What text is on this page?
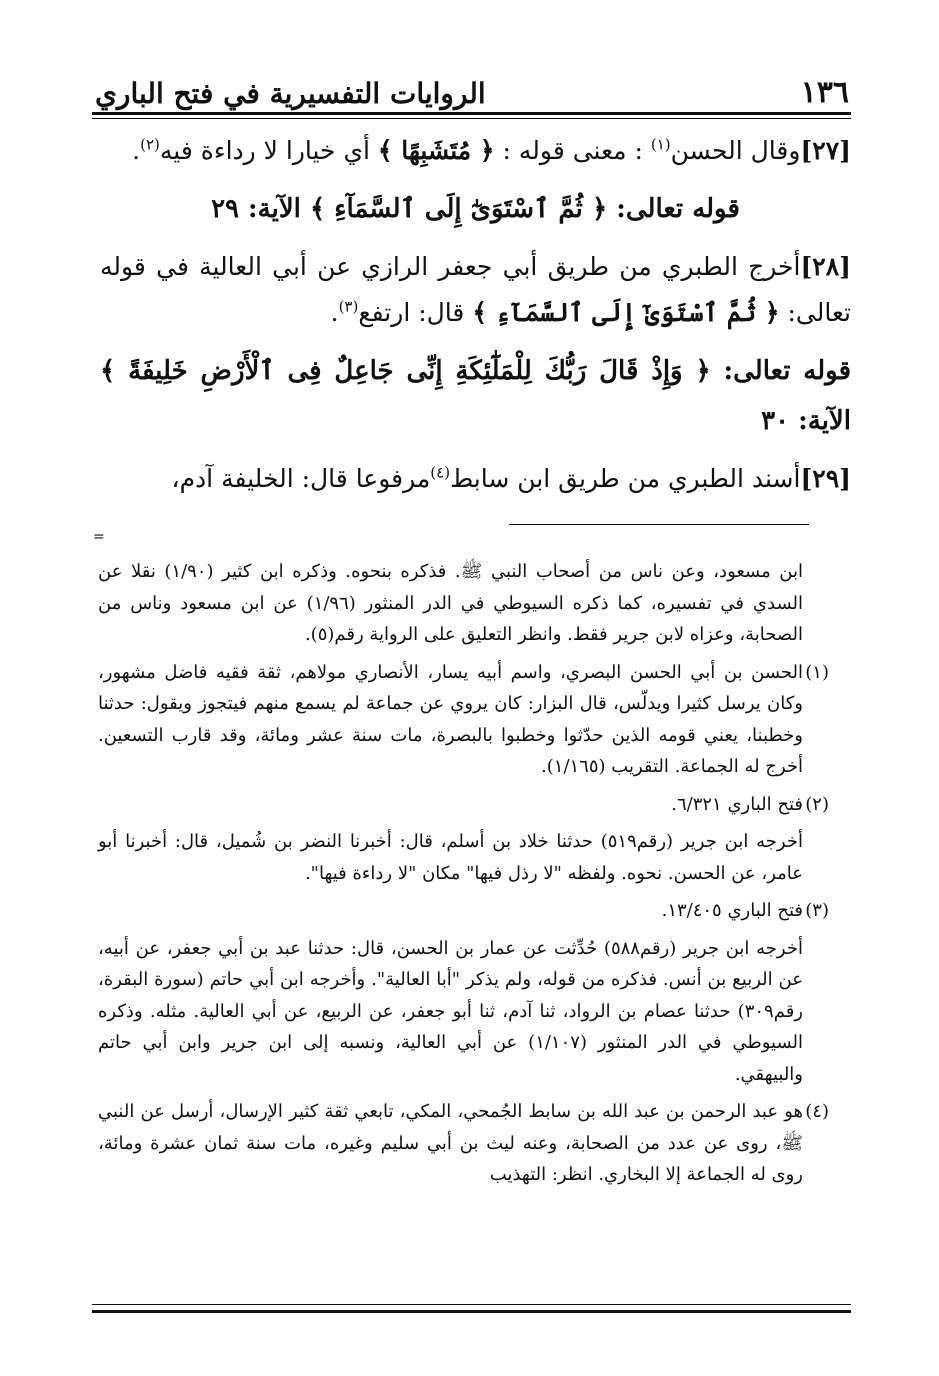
١٣٦
الروايات التفسيرية في فتح الباري

[٢٧]وقال الحسن$^{(١)}$ : معنى قوله : ﴿ مُتَشَبِهًا ﴾ أي خيارا لا رداءة فيه$^{(٢)}$.

قوله تعالى: ﴿ ثُمَّ ٱسْتَوَىٰٓ إِلَى ٱلسَّمَآءِ ﴾ الآية: ٢٩

[٢٨]أخرج الطبري من طريق أبي جعفر الرازي عن أبي العالية في قوله تعالى: ﴿ ثُمَّ ٱسْتَوَىٰٓ إِلَى ٱلسَّمَآءِ ﴾ قال: ارتفع$^{(٣)}$.

قوله تعالى: ﴿ وَإِذْ قَالَ رَبُّكَ لِلْمَلَٰٓئِكَةِ إِنِّى جَاعِلٌ فِى ٱلْأَرْضِ خَلِيفَةً ﴾ الآية: ٣٠

[٢٩]أسند الطبري من طريق ابن سابط$^{(٤)}$مرفوعا قال: الخليفة آدم،

=

ابن مسعود، وعن ناس من أصحاب النبي ﷺ. فذكره بنحوه. وذكره ابن كثير (١/٩٠) نقلا عن السدي في تفسيره، كما ذكره السيوطي في الدر المنثور (١/٩٦) عن ابن مسعود وناس من الصحابة، وعزاه لابن جرير فقط. وانظر التعليق على الرواية رقم(٥).

(١)الحسن بن أبي الحسن البصري، واسم أبيه يسار، الأنصاري مولاهم، ثقة فقيه فاضل مشهور، وكان يرسل كثيرا ويدلّس، قال البزار: كان يروي عن جماعة لم يسمع منهم فيتجوز ويقول: حدثنا وخطبنا، يعني قومه الذين حدّثوا وخطبوا بالبصرة، مات سنة عشر ومائة، وقد قارب التسعين. أخرج له الجماعة. التقريب (١/١٦٥).

(٢)فتح الباري ٦/٣٢١.

أخرجه ابن جرير (رقم٥١٩) حدثنا خلاد بن أسلم، قال: أخبرنا النضر بن شُميل، قال: أخبرنا أبو عامر، عن الحسن. نحوه. ولفظه "لا رذل فيها" مكان "لا رداءة فيها".

(٣)فتح الباري ١٣/٤٠٥.

أخرجه ابن جرير (رقم٥٨٨) حُدِّثت عن عمار بن الحسن، قال: حدثنا عبد بن أبي جعفر، عن أبيه، عن الربيع بن أنس. فذكره من قوله، ولم يذكر "أبا العالية". وأخرجه ابن أبي حاتم (سورة البقرة، رقم٣٠٩) حدثنا عصام بن الرواد، ثنا آدم، ثنا أبو جعفر، عن الربيع، عن أبي العالية. مثله. وذكره السيوطي في الدر المنثور (١/١٠٧) عن أبي العالية، ونسبه إلى ابن جرير وابن أبي حاتم والبيهقي.

(٤)هو عبد الرحمن بن عبد الله بن سابط الجُمحي، المكي، تابعي ثقة كثير الإرسال، أرسل عن النبي ﷺ، روى عن عدد من الصحابة، وعنه ليث بن أبي سليم وغيره، مات سنة ثمان عشرة ومائة، روى له الجماعة إلا البخاري. انظر: التهذيب
